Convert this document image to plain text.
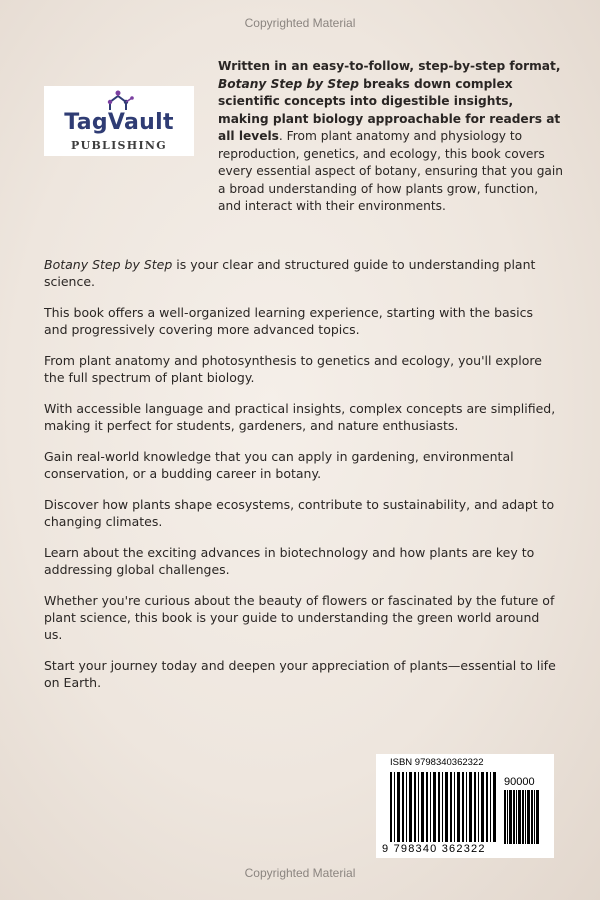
Copyrighted Material
TagVault
PUBLISHING
Written in an easy-to-follow, step-by-step format, Botany Step by Step breaks down complex scientific concepts into digestible insights, making plant biology approachable for readers at all levels. From plant anatomy and physiology to reproduction, genetics, and ecology, this book covers every essential aspect of botany, ensuring that you gain a broad understanding of how plants grow, function, and interact with their environments.

Botany Step by Step is your clear and structured guide to understanding plant science.

This book offers a well-organized learning experience, starting with the basics and progressively covering more advanced topics.

From plant anatomy and photosynthesis to genetics and ecology, you'll explore the full spectrum of plant biology.

With accessible language and practical insights, complex concepts are simplified, making it perfect for students, gardeners, and nature enthusiasts.

Gain real-world knowledge that you can apply in gardening, environmental conservation, or a budding career in botany.

Discover how plants shape ecosystems, contribute to sustainability, and adapt to changing climates.

Learn about the exciting advances in biotechnology and how plants are key to addressing global challenges.

Whether you're curious about the beauty of flowers or fascinated by the future of plant science, this book is your guide to understanding the green world around us.

Start your journey today and deepen your appreciation of plants—essential to life on Earth.

ISBN 9798340362322
90000
9 798340 362322
Copyrighted Material
